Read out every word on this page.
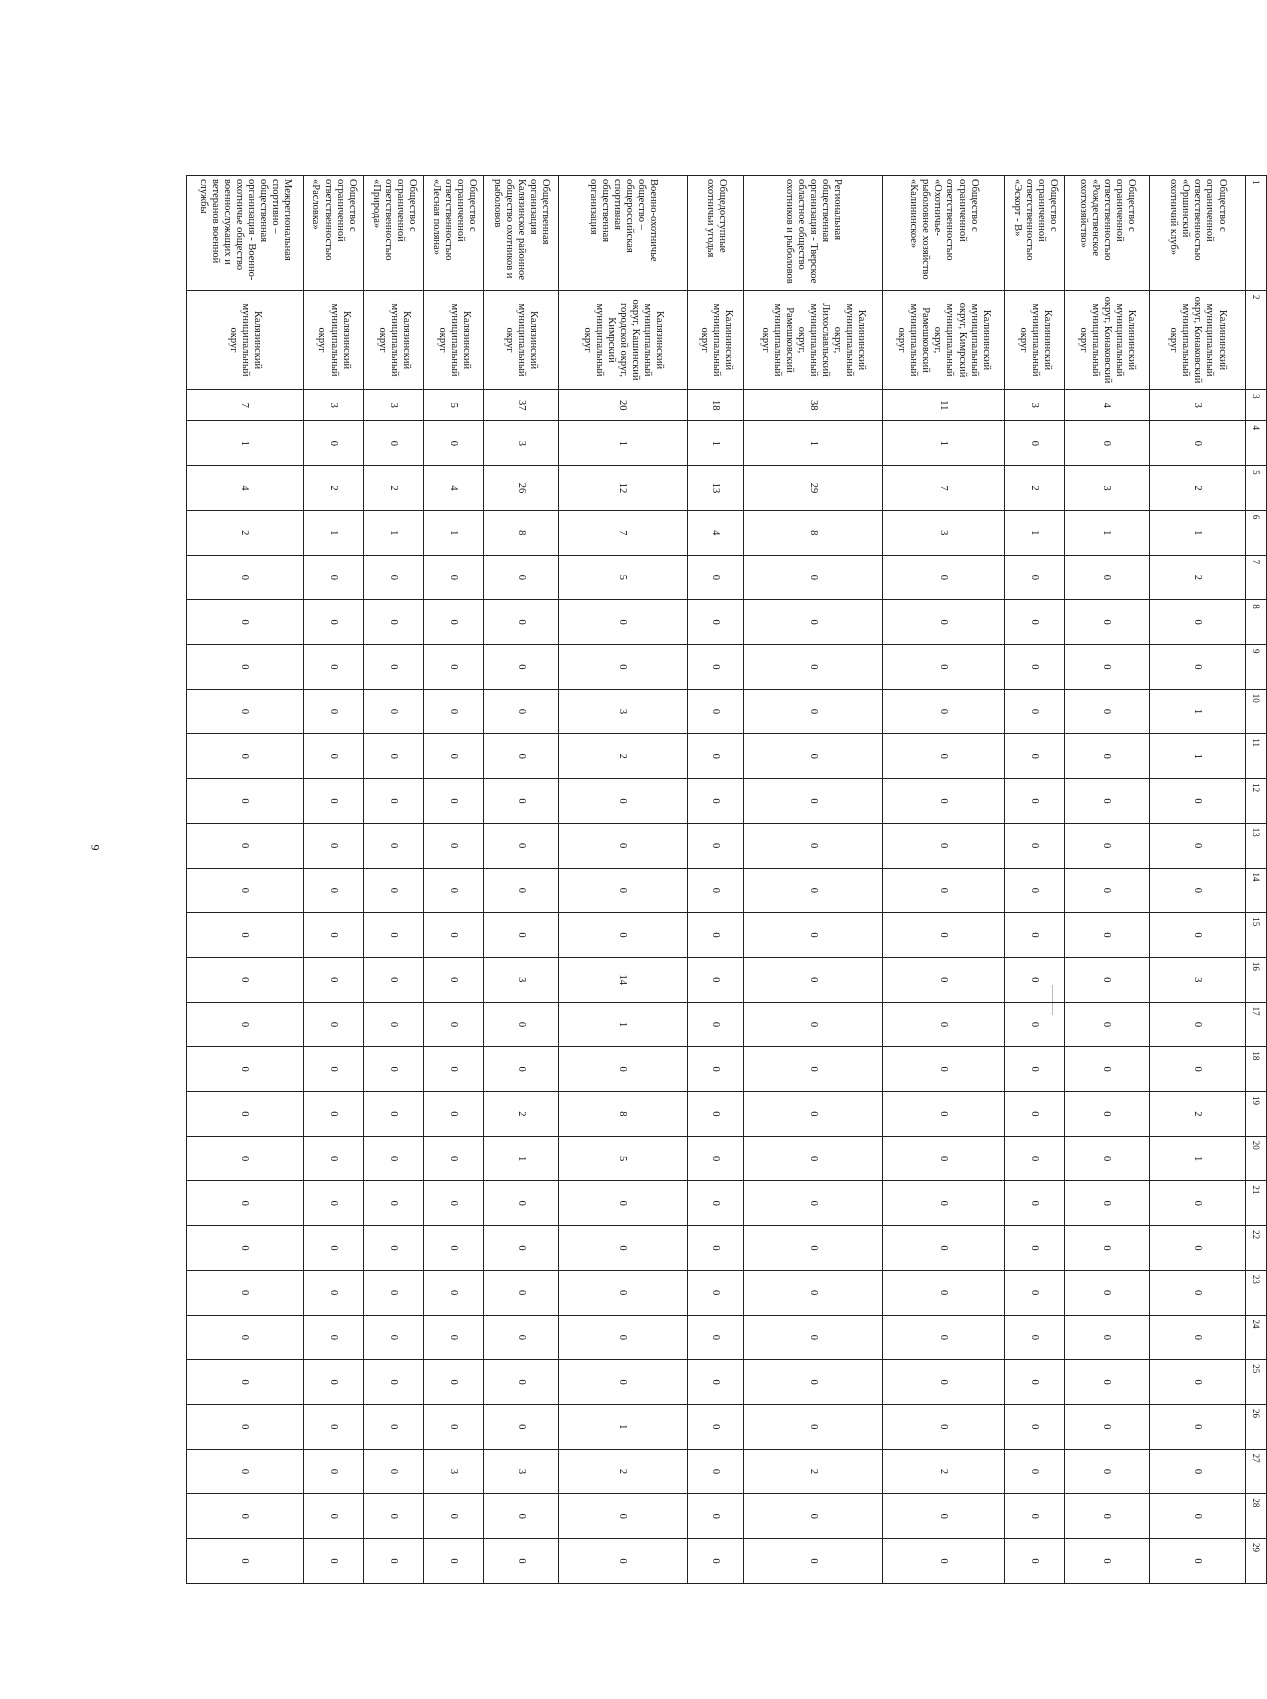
9
1	2	3	4	5	6	7	8	9	10	11	12	13	14	15	16	17	18	19	20	21	22	23	24	25	26	27	28	29
Общество с ограниченной ответственностью «Оршинский охотничий клуб»	Калининский муниципальный округ, Конаковский муниципальный округ	3	0	2	1	2	0	0	1	1	0	0	0	0	3	0	0	2	1	0	0	0	0	0	0	0	0	0
Общество с ограниченной ответственностью «Рождественское охотхозяйство»	Калининский муниципальный округ, Конаковский муниципальный округ	4	0	3	1	0	0	0	0	0	0	0	0	0	0	0	0	0	0	0	0	0	0	0	0	0	0	0
Общество с ограниченной ответственностью «Эскорт - В»	Калининский муниципальный округ	3	0	2	1	0	0	0	0	0	0	0	0	0	0	0	0	0	0	0	0	0	0	0	0	0	0	0
Общество с ограниченной ответственностью «Охотничье-рыболовное хозяйство «Калининское»	Калининский муниципальный округ, Кимрский муниципальный округ, Рамешковский муниципальный округ	11	1	7	3	0	0	0	0	0	0	0	0	0	0	0	0	0	0	0	0	0	0	0	0	2	0	0
Региональная общественная организация - Тверское областное общество охотников и рыболовов	Калининский муниципальный округ, Лихославльский муниципальный округ, Рамешковский муниципальный округ	38	1	29	8	0	0	0	0	0	0	0	0	0	0	0	0	0	0	0	0	0	0	0	0	2	0	0
Общедоступные охотничьи угодья	Калининский муниципальный округ	18	1	13	4	0	0	0	0	0	0	0	0	0	0	0	0	0	0	0	0	0	0	0	0	0	0	0
Военно-охотничье общество – общероссийская спортивная общественная организация	Калязинский муниципальный округ, Кашинский городской округ, Кимрский муниципальный округ	20	1	12	7	5	0	0	3	2	0	0	0	0	14	1	0	8	5	0	0	0	0	0	1	2	0	0
Общественная организация Калязинское районное общество охотников и рыболовов	Калязинский муниципальный округ	37	3	26	8	0	0	0	0	0	0	0	0	0	3	0	0	2	1	0	0	0	0	0	0	3	0	0
Общество с ограниченной ответственностью «Лесная поляна»	Калязинский муниципальный округ	5	0	4	1	0	0	0	0	0	0	0	0	0	0	0	0	0	0	0	0	0	0	0	0	3	0	0
Общество с ограниченной ответственностью «Природа»	Калязинский муниципальный округ	3	0	2	1	0	0	0	0	0	0	0	0	0	0	0	0	0	0	0	0	0	0	0	0	0	0	0
Общество с ограниченной ответственностью «Расловка»	Калязинский муниципальный округ	3	0	2	1	0	0	0	0	0	0	0	0	0	0	0	0	0	0	0	0	0	0	0	0	0	0	0
Межрегиональная спортивно – общественная организация - Военно-охотничье общество военнослужащих и ветеранов военной службы	Калязинский муниципальный округ	7	1	4	2	0	0	0	0	0	0	0	0	0	0	0	0	0	0	0	0	0	0	0	0	0	0	0
